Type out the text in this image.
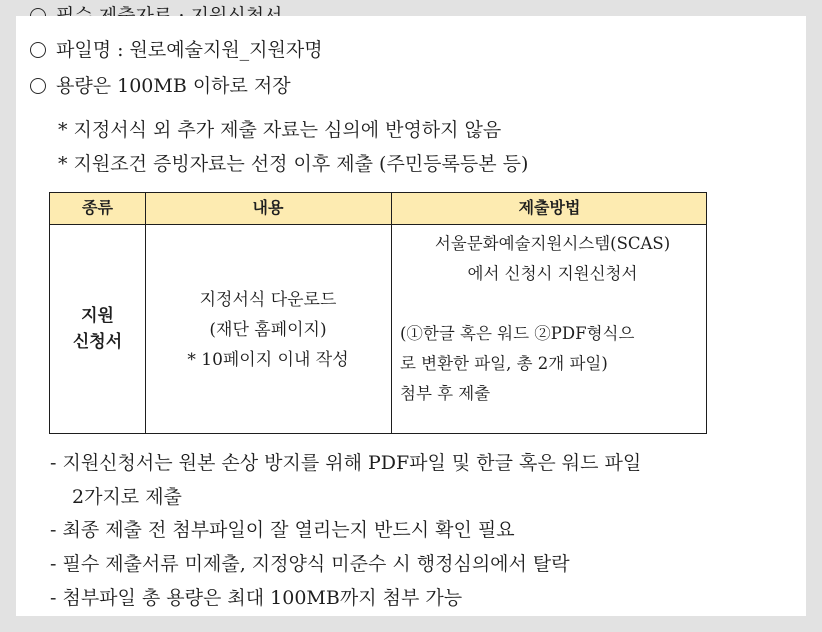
파일명 : 원로예술지원_지원자명
용량은 100MB 이하로 저장
* 지정서식 외 추가 제출 자료는 심의에 반영하지 않음
* 지원조건 증빙자료는 선정 이후 제출 (주민등록등본 등)
종류	내용	제출방법
지원
신청서
지정서식 다운로드
(재단 홈페이지)
* 10페이지 이내 작성
서울문화예술지원시스템(SCAS)
에서 신청시 지원신청서
(①한글 혹은 워드 ②PDF형식으
로 변환한 파일, 총 2개 파일)
첨부 후 제출
- 지원신청서는 원본 손상 방지를 위해 PDF파일 및 한글 혹은 워드 파일
2가지로 제출
- 최종 제출 전 첨부파일이 잘 열리는지 반드시 확인 필요
- 필수 제출서류 미제출, 지정양식 미준수 시 행정심의에서 탈락
- 첨부파일 총 용량은 최대 100MB까지 첨부 가능
